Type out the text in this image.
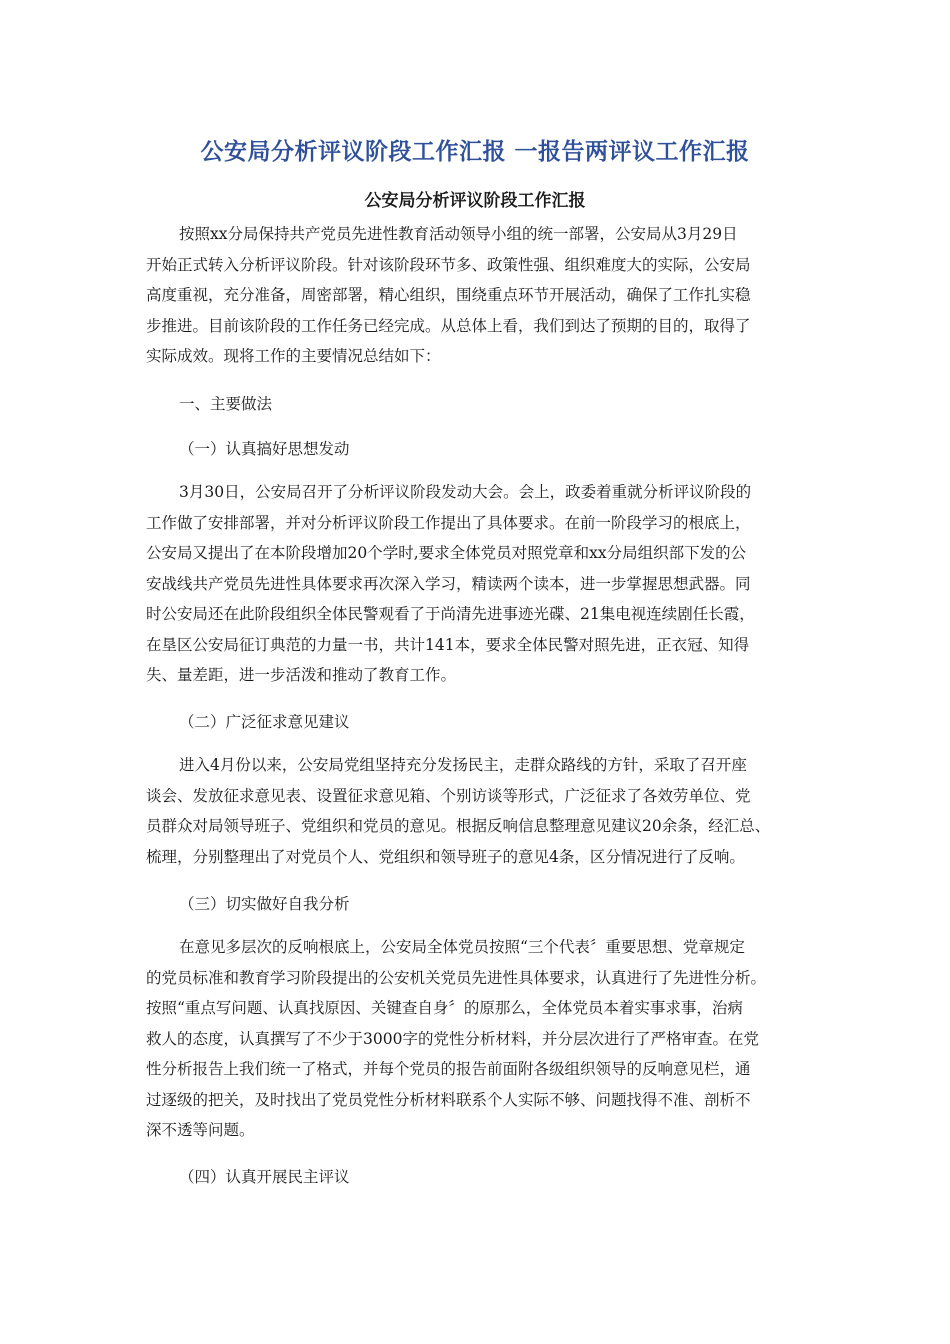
公安局分析评议阶段工作汇报 一报告两评议工作汇报
公安局分析评议阶段工作汇报
按照xx分局保持共产党员先进性教育活动领导小组的统一部署，公安局从3月29日
开始正式转入分析评议阶段。针对该阶段环节多、政策性强、组织难度大的实际，公安局
高度重视，充分准备，周密部署，精心组织，围绕重点环节开展活动，确保了工作扎实稳
步推进。目前该阶段的工作任务已经完成。从总体上看，我们到达了预期的目的，取得了
实际成效。现将工作的主要情况总结如下：
一、主要做法
（一）认真搞好思想发动
3月30日，公安局召开了分析评议阶段发动大会。会上，政委着重就分析评议阶段的
工作做了安排部署，并对分析评议阶段工作提出了具体要求。在前一阶段学习的根底上，
公安局又提出了在本阶段增加20个学时,要求全体党员对照党章和xx分局组织部下发的公
安战线共产党员先进性具体要求再次深入学习，精读两个读本，进一步掌握思想武器。同
时公安局还在此阶段组织全体民警观看了于尚清先进事迹光碟、21集电视连续剧任长霞，
在垦区公安局征订典范的力量一书，共计141本，要求全体民警对照先进，正衣冠、知得
失、量差距，进一步活泼和推动了教育工作。
（二）广泛征求意见建议
进入4月份以来，公安局党组坚持充分发扬民主，走群众路线的方针，采取了召开座
谈会、发放征求意见表、设置征求意见箱、个别访谈等形式，广泛征求了各效劳单位、党
员群众对局领导班子、党组织和党员的意见。根据反响信息整理意见建议20余条，经汇总、
梳理，分别整理出了对党员个人、党组织和领导班子的意见4条，区分情况进行了反响。
（三）切实做好自我分析
在意见多层次的反响根底上，公安局全体党员按照“三个代表〞重要思想、党章规定
的党员标准和教育学习阶段提出的公安机关党员先进性具体要求，认真进行了先进性分析。
按照“重点写问题、认真找原因、关键查自身〞的原那么，全体党员本着实事求事，治病
救人的态度，认真撰写了不少于3000字的党性分析材料，并分层次进行了严格审查。在党
性分析报告上我们统一了格式，并每个党员的报告前面附各级组织领导的反响意见栏，通
过逐级的把关，及时找出了党员党性分析材料联系个人实际不够、问题找得不准、剖析不
深不透等问题。
（四）认真开展民主评议
